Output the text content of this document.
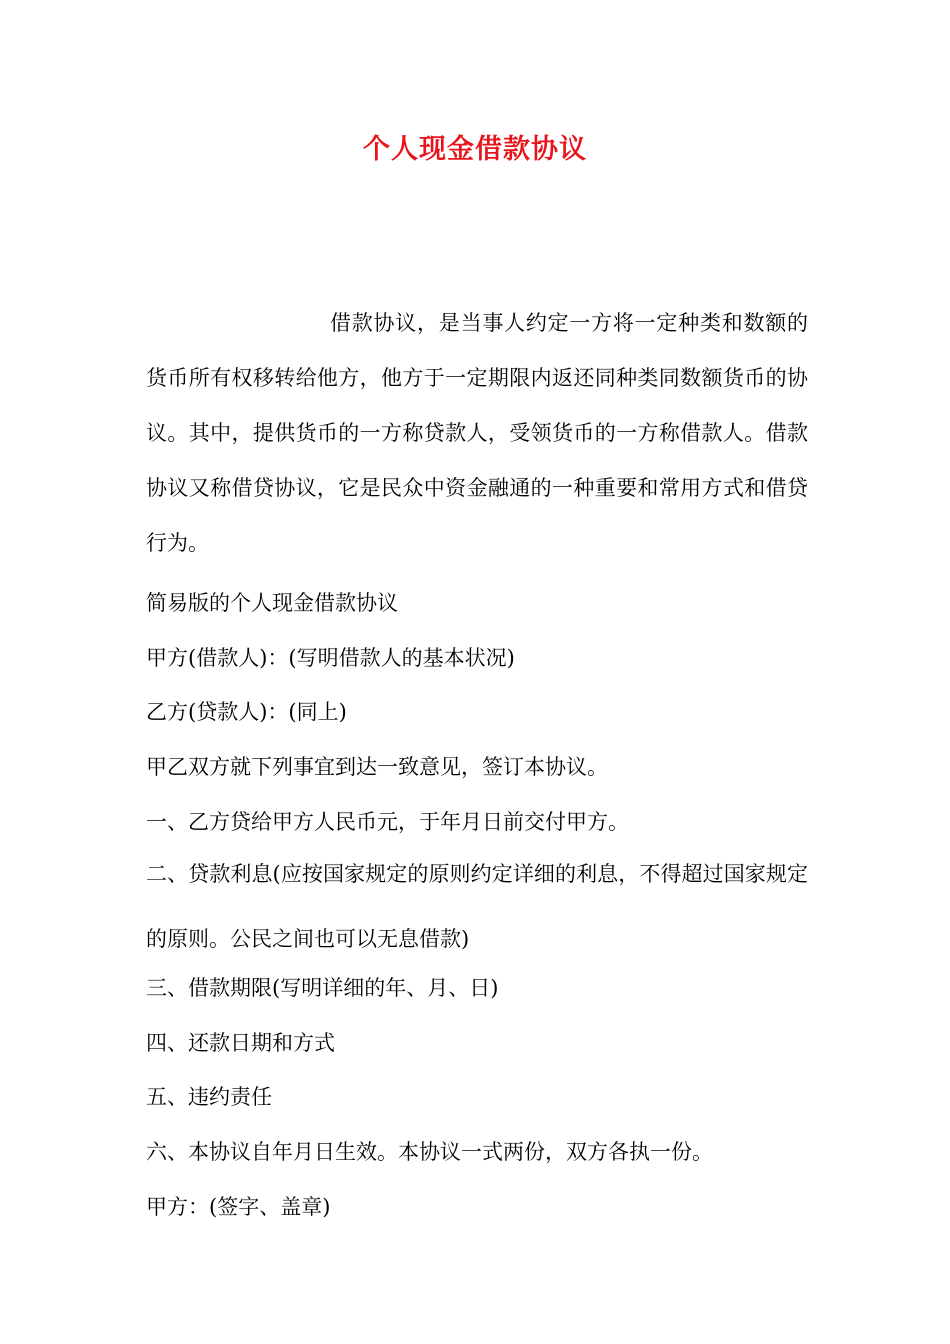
个人现金借款协议
借款协议，是当事人约定一方将一定种类和数额的货币所有权移转给他方，他方于一定期限内返还同种类同数额货币的协议。其中，提供货币的一方称贷款人，受领货币的一方称借款人。借款协议又称借贷协议，它是民众中资金融通的一种重要和常用方式和借贷行为。
简易版的个人现金借款协议
甲方(借款人)：(写明借款人的基本状况)
乙方(贷款人)：(同上)
甲乙双方就下列事宜到达一致意见，签订本协议。
一、乙方贷给甲方人民币元，于年月日前交付甲方。
二、贷款利息(应按国家规定的原则约定详细的利息，不得超过国家规定的原则。公民之间也可以无息借款)
三、借款期限(写明详细的年、月、日)
四、还款日期和方式
五、违约责任
六、本协议自年月日生效。本协议一式两份，双方各执一份。
甲方：(签字、盖章)
